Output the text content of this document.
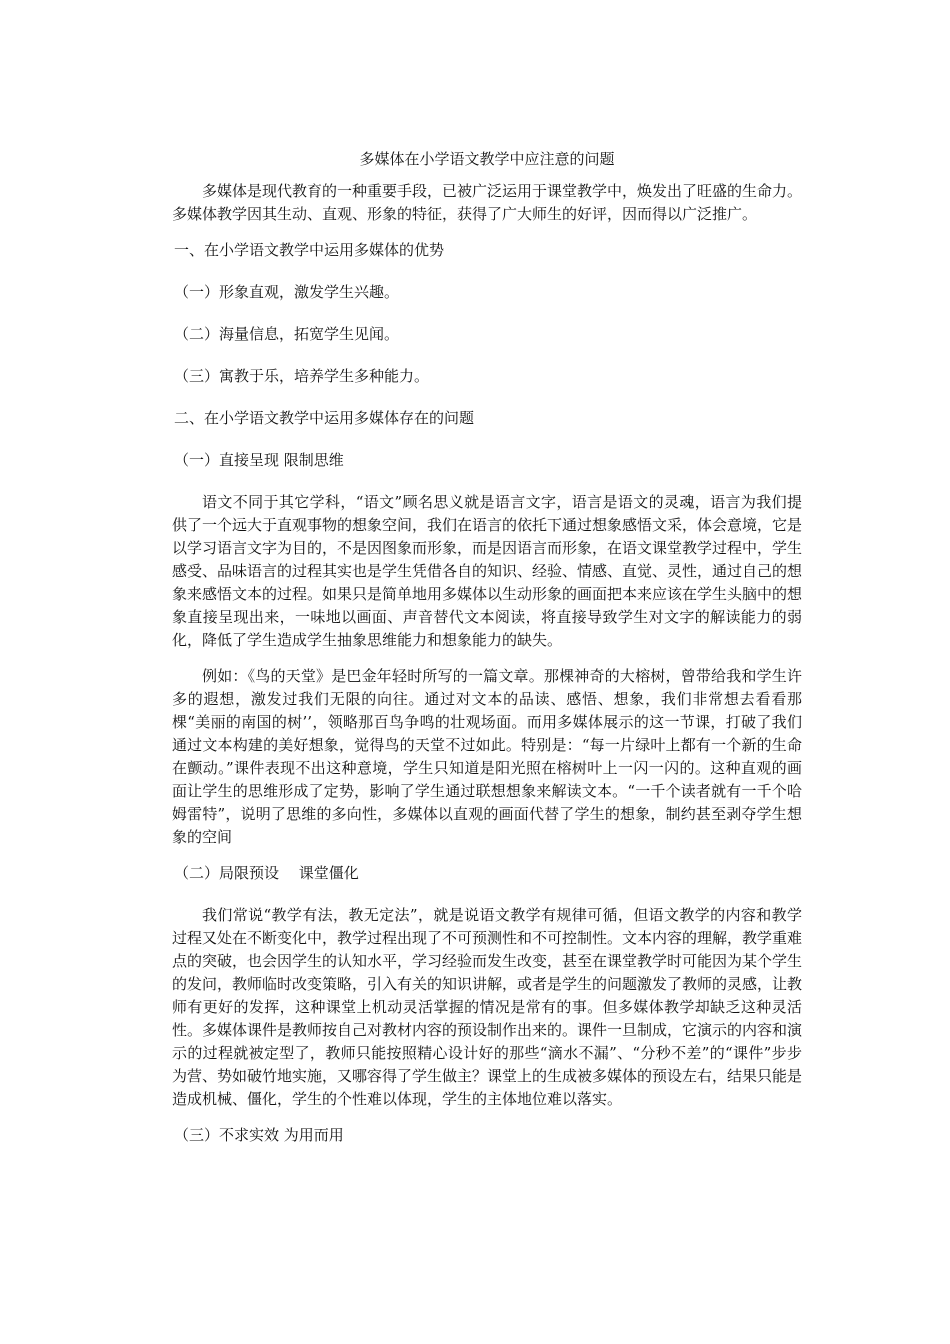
多媒体在小学语文教学中应注意的问题

多媒体是现代教育的一种重要手段，已被广泛运用于课堂教学中，焕发出了旺盛的生命力。多媒体教学因其生动、直观、形象的特征，获得了广大师生的好评，因而得以广泛推广。

一、在小学语文教学中运用多媒体的优势
（一）形象直观，激发学生兴趣。
（二）海量信息，拓宽学生见闻。
（三）寓教于乐，培养学生多种能力。
二、在小学语文教学中运用多媒体存在的问题
（一）直接呈现 限制思维

语文不同于其它学科，“语文”顾名思义就是语言文字，语言是语文的灵魂，语言为我们提供了一个远大于直观事物的想象空间，我们在语言的依托下通过想象感悟文采，体会意境，它是以学习语言文字为目的，不是因图象而形象，而是因语言而形象，在语文课堂教学过程中，学生感受、品味语言的过程其实也是学生凭借各自的知识、经验、情感、直觉、灵性，通过自己的想象来感悟文本的过程。如果只是简单地用多媒体以生动形象的画面把本来应该在学生头脑中的想象直接呈现出来，一味地以画面、声音替代文本阅读，将直接导致学生对文字的解读能力的弱化，降低了学生造成学生抽象思维能力和想象能力的缺失。

例如：《鸟的天堂》是巴金年轻时所写的一篇文章。那棵神奇的大榕树，曾带给我和学生许多的遐想，激发过我们无限的向往。通过对文本的品读、感悟、想象，我们非常想去看看那棵“美丽的南国的树’’，领略那百鸟争鸣的壮观场面。而用多媒体展示的这一节课，打破了我们通过文本构建的美好想象，觉得鸟的天堂不过如此。特别是：“每一片绿叶上都有一个新的生命在颤动。”课件表现不出这种意境，学生只知道是阳光照在榕树叶上一闪一闪的。这种直观的画面让学生的思维形成了定势，影响了学生通过联想想象来解读文本。“一千个读者就有一千个哈姆雷特”，说明了思维的多向性，多媒体以直观的画面代替了学生的想象，制约甚至剥夺学生想象的空间

（二）局限预设　 课堂僵化

我们常说“教学有法，教无定法”，就是说语文教学有规律可循，但语文教学的内容和教学过程又处在不断变化中，教学过程出现了不可预测性和不可控制性。文本内容的理解，教学重难点的突破，也会因学生的认知水平，学习经验而发生改变，甚至在课堂教学时可能因为某个学生的发问，教师临时改变策略，引入有关的知识讲解，或者是学生的问题激发了教师的灵感，让教师有更好的发挥，这种课堂上机动灵活掌握的情况是常有的事。但多媒体教学却缺乏这种灵活性。多媒体课件是教师按自己对教材内容的预设制作出来的。课件一旦制成，它演示的内容和演示的过程就被定型了，教师只能按照精心设计好的那些“滴水不漏”、“分秒不差”的“课件”步步为营、势如破竹地实施，又哪容得了学生做主？课堂上的生成被多媒体的预设左右，结果只能是造成机械、僵化，学生的个性难以体现，学生的主体地位难以落实。

（三）不求实效 为用而用
